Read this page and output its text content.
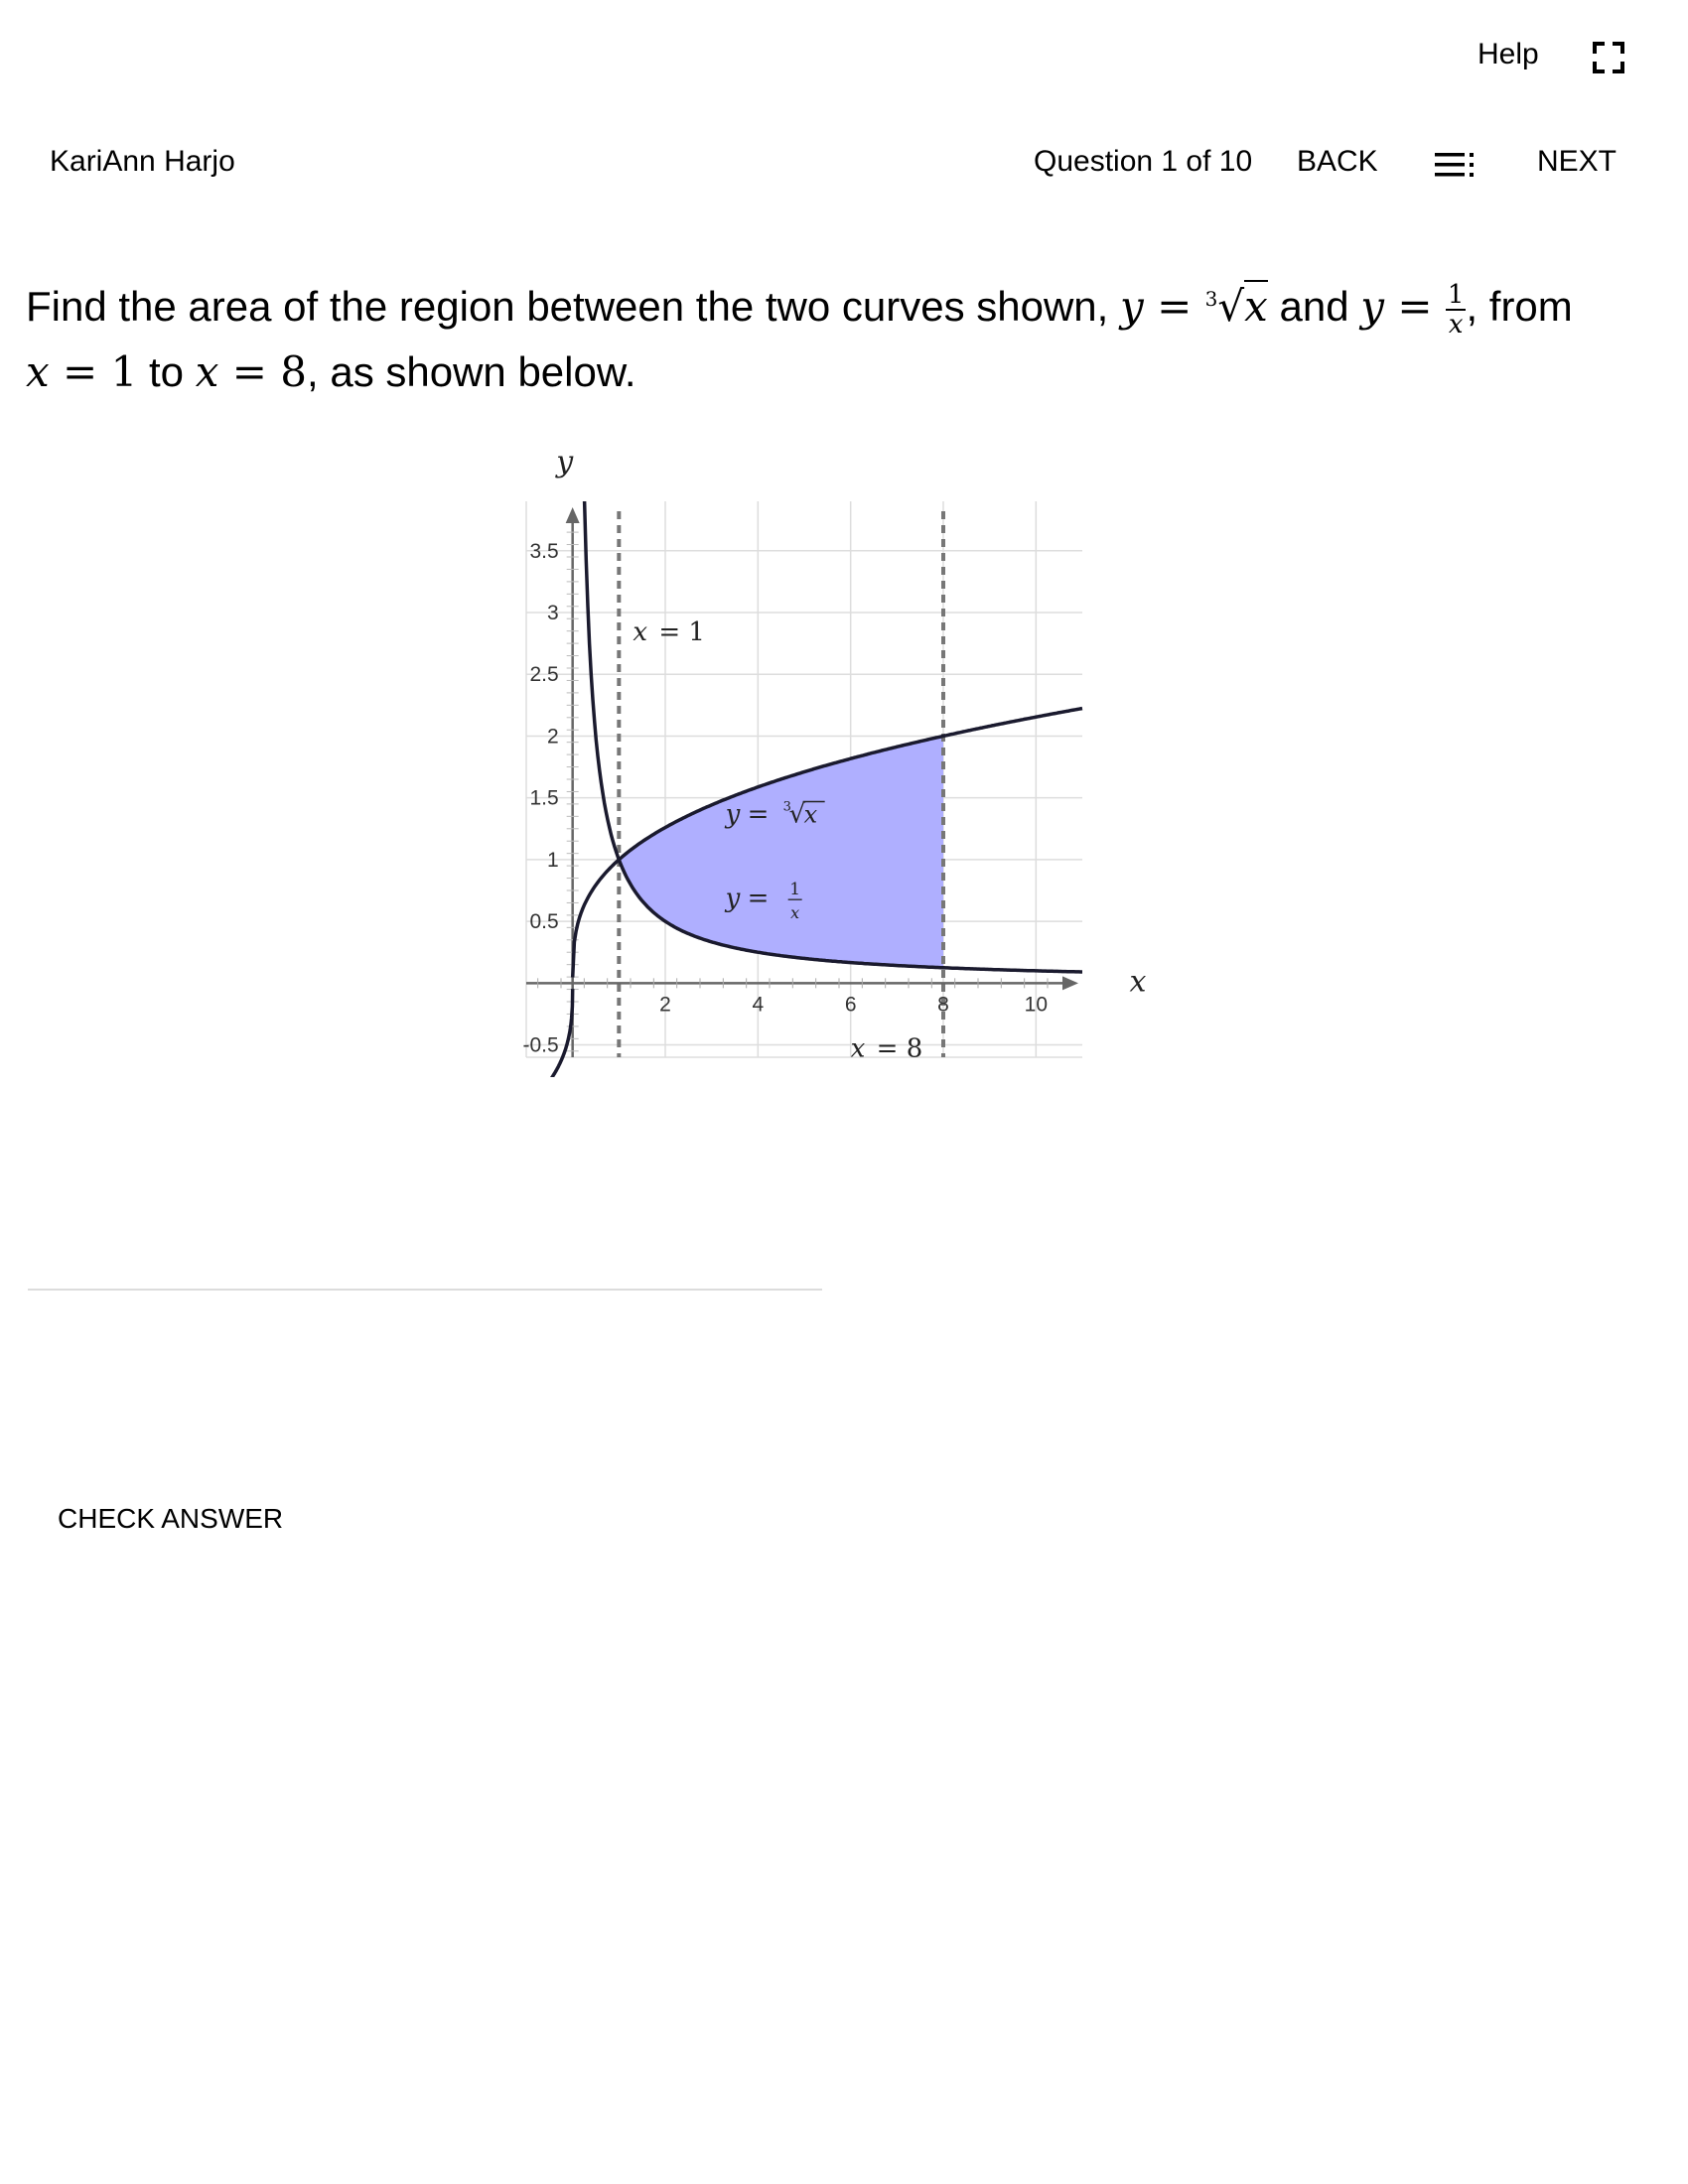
Help
KariAnn Harjo	Question 1 of 10 BACK	NEXT
Find the area of the region between the two curves shown, y = $^3$√x and $y = \frac{1}{x}$ , from
x = 1 to x = 8, as shown below.
2	4	6	8	10
-0.5
0.5
1
1.5
2
2.5
3
3.5
y
x
x = 1
x = 8
y = 3
√
x
y = 1
x
CHECK ANSWER
